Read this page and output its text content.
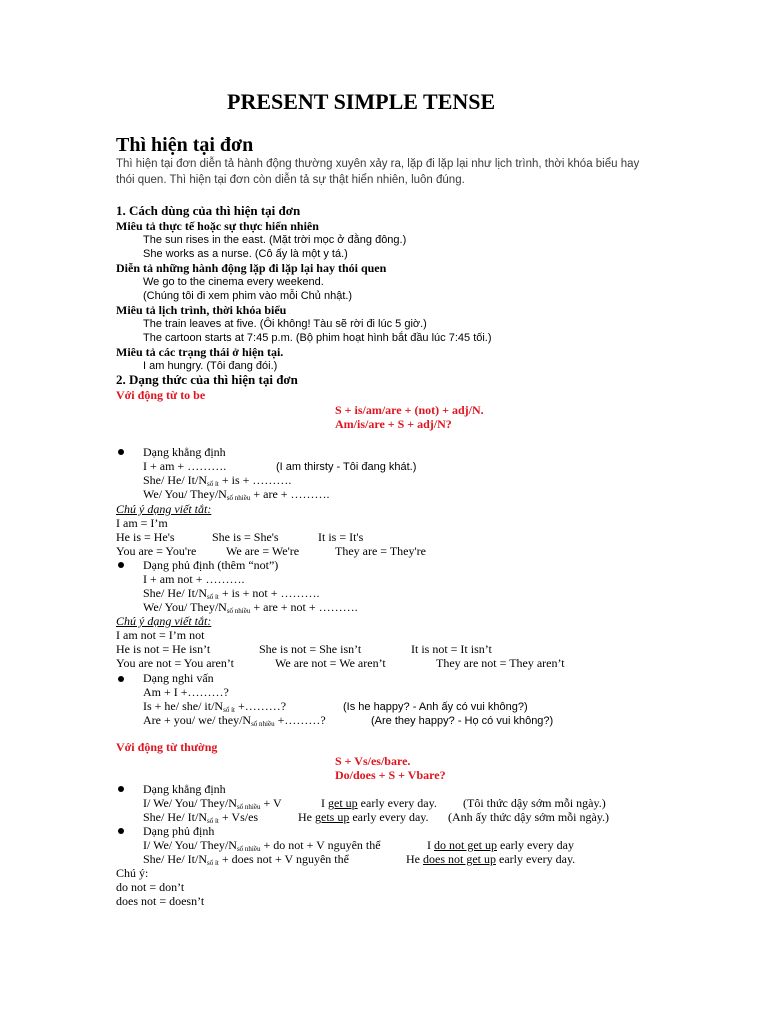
PRESENT SIMPLE TENSE
Thì hiện tại đơn
Thì hiện tại đơn diễn tả hành động thường xuyên xảy ra, lặp đi lặp lại như lịch trình, thời khóa biểu hay
thói quen. Thì hiện tại đơn còn diễn tả sự thật hiển nhiên, luôn đúng.
1. Cách dùng của thì hiện tại đơn
Miêu tả thực tế hoặc sự thực hiển nhiên
The sun rises in the east. (Mặt trời mọc ở đằng đông.)
She works as a nurse. (Cô ấy là một y tá.)
Diễn tả những hành động lặp đi lặp lại hay thói quen
We go to the cinema every weekend.
(Chúng tôi đi xem phim vào mỗi Chủ nhật.)
Miêu tả lịch trình, thời khóa biểu
The train leaves at five. (Ôi không! Tàu sẽ rời đi lúc 5 giờ.)
The cartoon starts at 7:45 p.m. (Bộ phim hoạt hình bắt đầu lúc 7:45 tối.)
Miêu tả các trạng thái ở hiện tại.
I am hungry. (Tôi đang đói.)
2. Dạng thức của thì hiện tại đơn
Với động từ to be
S + is/am/are + (not) + adj/N.
Am/is/are + S + adj/N?
Dạng khẳng định
I + am + ……….	(I am thirsty - Tôi đang khát.)
She/ He/ $It/N_{số ít}$ + is + ……….
We/ You/ They/$N_{số nhiều}$ + are + ……….
Chú ý dạng viết tắt:
I am = I’m
He is = He's	She is = She's	It is = It's
You are = You're We are = We're	They are = They're
Dạng phủ định (thêm “not”)
I + am not + ……….
She/ He/ $It/N_{số ít}$ + is + not + ……….
We/ You/ They/$N_{số nhiều}$ + are + not + ……….
Chú ý dạng viết tắt:
I am not = I’m not
He is not = He isn’t	She is not = She isn’t	It is not = It isn’t
You are not = You aren’t	We are not = We aren’t	They are not = They aren’t
Dạng nghi vấn
Am + I +………?
Is + he/ she/ $it/N_{số ít}$ +………?	(Is he happy? - Anh ấy có vui không?)
Are + you/ we/ they/$N_{số nhiều}$ +………?	(Are they happy? - Họ có vui không?)
Với động từ thường
S + Vs/es/bare.
Do/does + S + Vbare?
Dạng khẳng định
I/ We/ You/ They/$N_{số nhiều} + V$	I get up early every day. (Tôi thức dậy sớm mỗi ngày.)
She/ He/ $It/N_{số ít} + Vs/es$	He gets up early every day. (Anh ấy thức dậy sớm mỗi ngày.)
Dạng phủ định
I/ We/ You/ They/$N_{số nhiều}$ + do not + V nguyên thể	I do not get up early every day
She/ He/ $It/N_{số ít}$ + does not + V nguyên thể	He does not get up early every day.
Chú ý:
do not = don’t
does not = doesn’t
